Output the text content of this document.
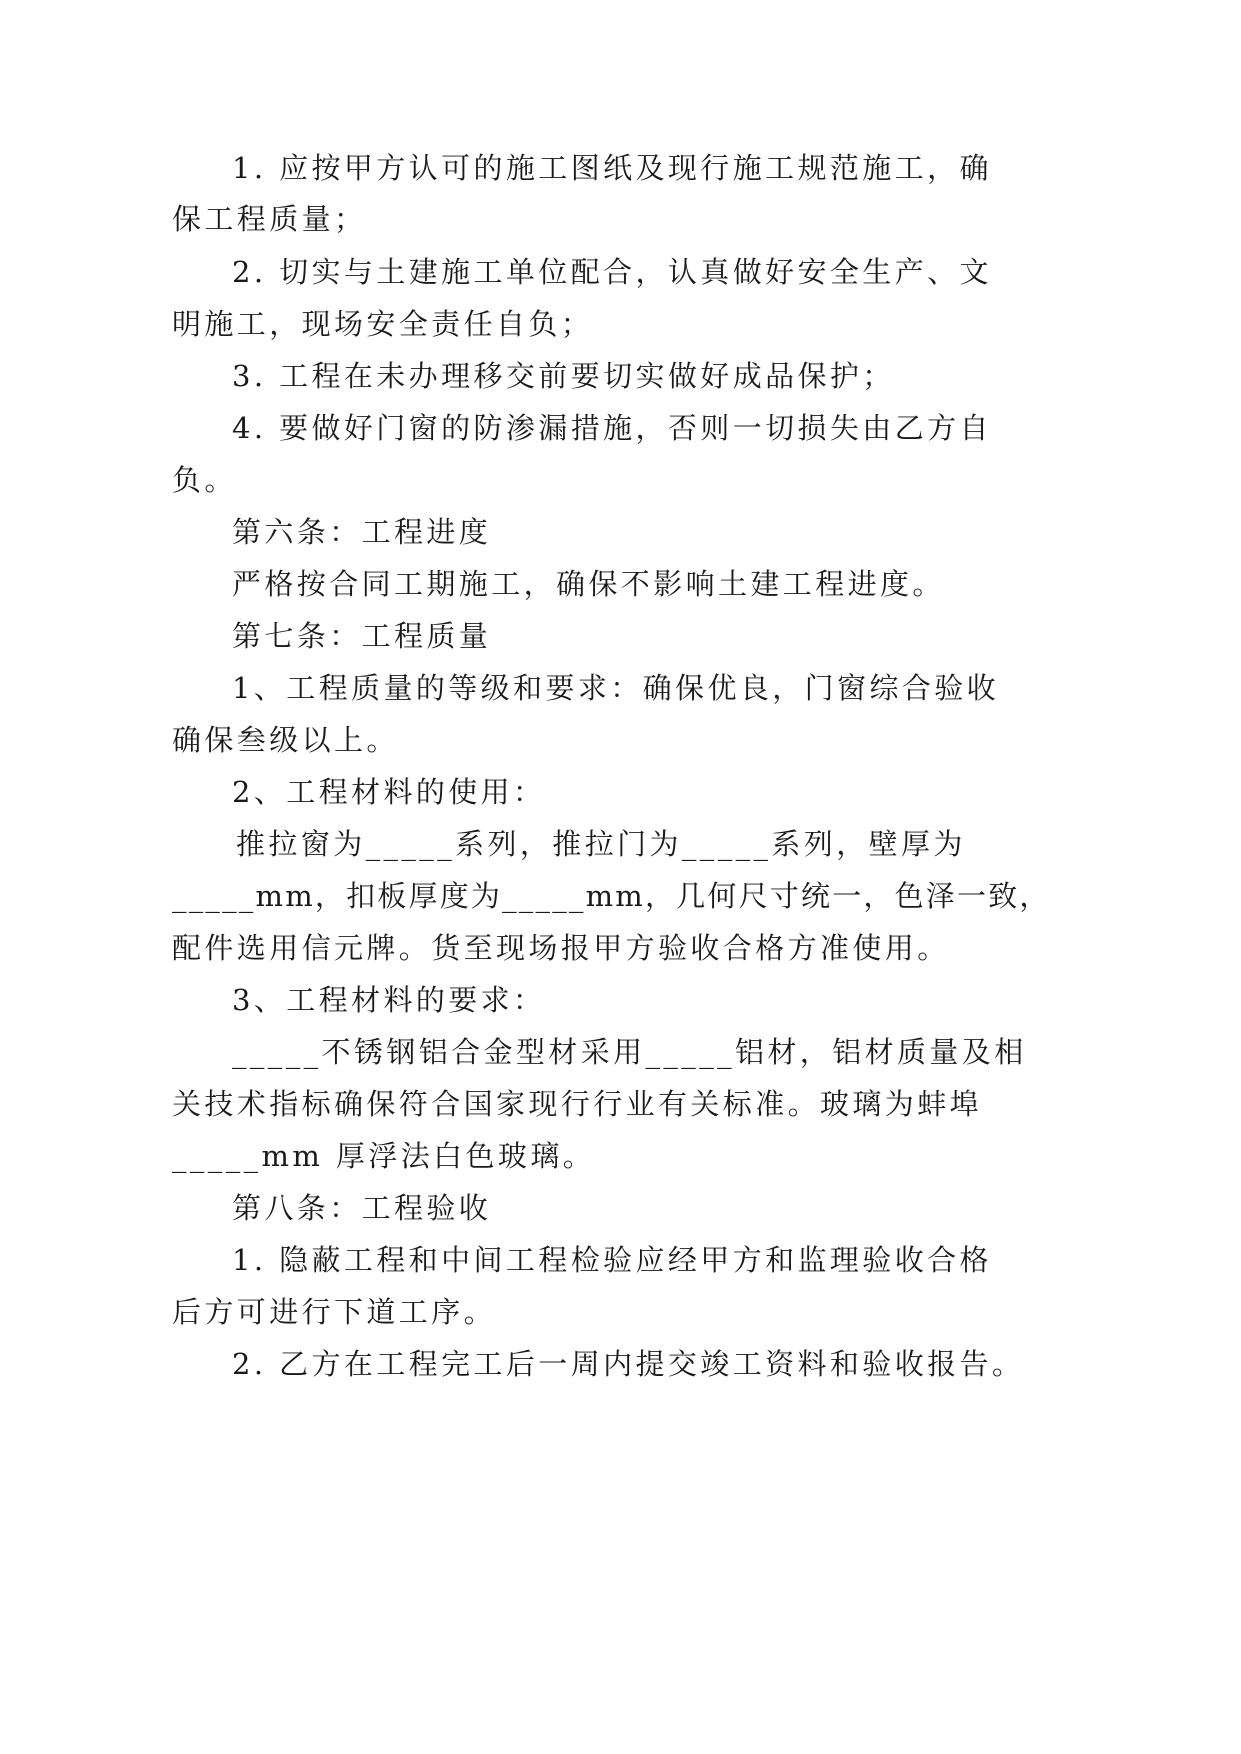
1. 应按甲方认可的施工图纸及现行施工规范施工，确
保工程质量；
2. 切实与土建施工单位配合，认真做好安全生产、文
明施工，现场安全责任自负；
3. 工程在未办理移交前要切实做好成品保护；
4. 要做好门窗的防渗漏措施，否则一切损失由乙方自
负。
第六条：工程进度
严格按合同工期施工，确保不影响土建工程进度。
第七条：工程质量
1、工程质量的等级和要求：确保优良，门窗综合验收
确保叁级以上。
2、工程材料的使用：
推拉窗为_____系列，推拉门为_____系列，壁厚为
_____mm，扣板厚度为_____mm，几何尺寸统一，色泽一致，
配件选用信元牌。货至现场报甲方验收合格方准使用。
3、工程材料的要求：
_____不锈钢铝合金型材采用_____铝材，铝材质量及相
关技术指标确保符合国家现行行业有关标准。玻璃为蚌埠
_____mm 厚浮法白色玻璃。
第八条：工程验收
1. 隐蔽工程和中间工程检验应经甲方和监理验收合格
后方可进行下道工序。
2. 乙方在工程完工后一周内提交竣工资料和验收报告。
